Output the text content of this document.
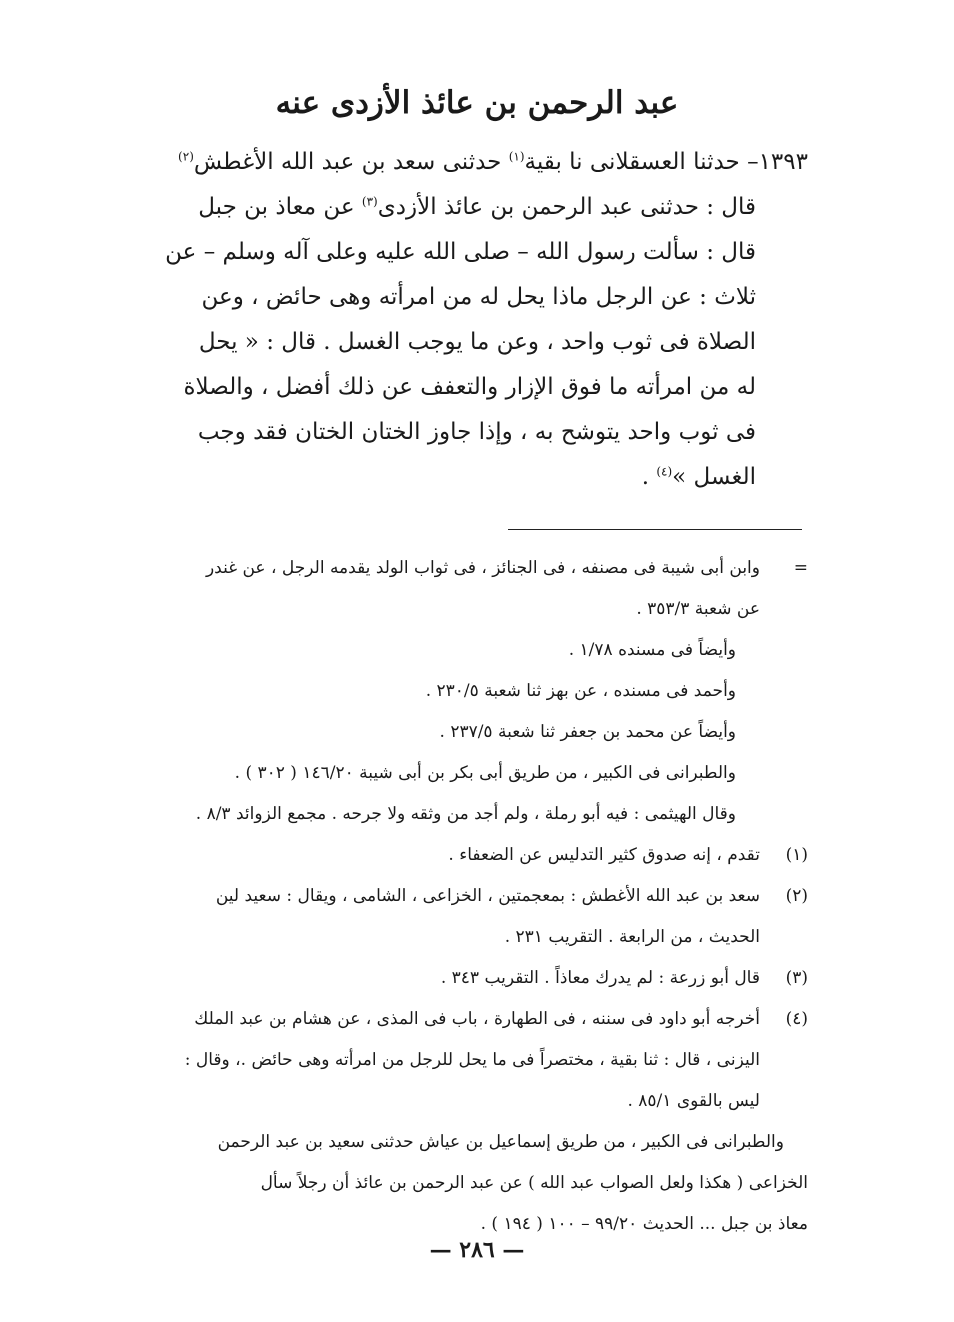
عبد الرحمن بن عائذ الأزدى عنه
١٣٩٣– حدثنا العسقلانى نا بقية$^{(١)}$ حدثنى سعد بن عبد الله الأغطش$^{(٢)}$
قال : حدثنى عبد الرحمن بن عائذ الأزدى$^{(٣)}$ عن معاذ بن جبل
قال : سألت رسول الله – صلى الله عليه وعلى آله وسلم – عن
ثلاث : عن الرجل ماذا يحل له من امرأته وهى حائض ، وعن
الصلاة فى ثوب واحد ، وعن ما يوجب الغسل . قال : « يحل
له من امرأته ما فوق الإزار والتعفف عن ذلك أفضل ، والصلاة
فى ثوب واحد يتوشح به ، وإذا جاوز الختان الختان فقد وجب
الغسل »$^{(٤)}$ .
=
وابن أبى شيبة فى مصنفه ، فى الجنائز ، فى ثواب الولد يقدمه الرجل ، عن غندر
عن شعبة ٣٥٣/٣ .
وأيضاً فى مسنده ١/٧٨ .
وأحمد فى مسنده ، عن بهز ثنا شعبة ٢٣٠/٥ .
وأيضاً عن محمد بن جعفر ثنا شعبة ٢٣٧/٥ .
والطبرانى فى الكبير ، من طريق أبى بكر بن أبى شيبة ١٤٦/٢٠ ( ٣٠٢ ) .
وقال الهيثمى : فيه أبو رملة ، ولم أجد من وثقه ولا جرحه . مجمع الزوائد ٨/٣ .
(١)
تقدم ، إنه صدوق كثير التدليس عن الضعفاء .
(٢)
سعد بن عبد الله الأغطش : بمعجمتين ، الخزاعى ، الشامى ، ويقال : سعيد لين
الحديث ، من الرابعة . التقريب ٢٣١ .
(٣)
قال أبو زرعة : لم يدرك معاذاً . التقريب ٣٤٣ .
(٤)
أخرجه أبو داود فى سننه ، فى الطهارة ، باب فى المذى ، عن هشام بن عبد الملك
اليزنى ، قال : ثنا بقية ، مختصراً فى ما يحل للرجل من امرأته وهى حائض .، وقال :
ليس بالقوى ٨٥/١ .
والطبرانى فى الكبير ، من طريق إسماعيل بن عياش حدثنى سعيد بن عبد الرحمن
الخزاعى ( هكذا ولعل الصواب عبد الله ) عن عبد الرحمن بن عائذ أن رجلاً سأل
معاذ بن جبل ... الحديث ٩٩/٢٠ – ١٠٠ ( ١٩٤ ) .
— ٢٨٦ —
